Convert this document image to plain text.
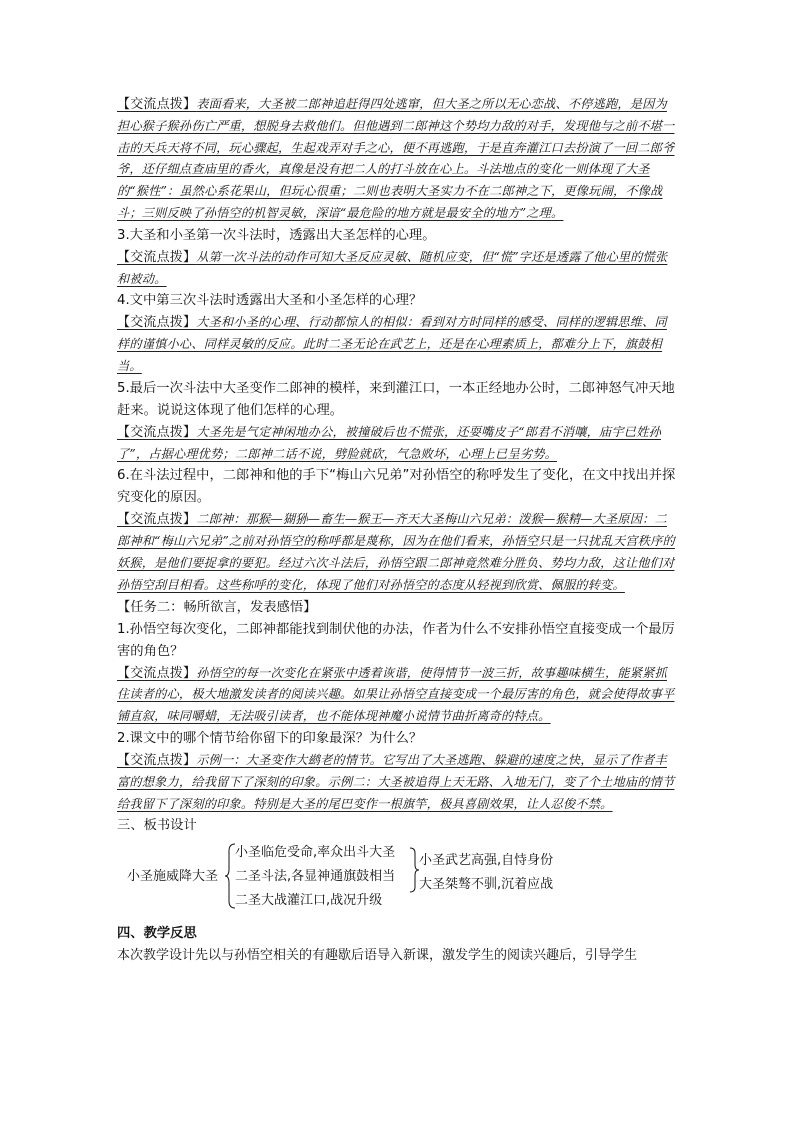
【交流点拨】表面看来，大圣被二郎神追赶得四处逃窜，但大圣之所以无心恋战、不停逃跑，是因为担心猴子猴孙伤亡严重，想脱身去救他们。但他遇到二郎神这个势均力敌的对手，发现他与之前不堪一击的天兵天将不同，玩心骤起，生起戏弄对手之心，便不再逃跑，于是直奔灌江口去扮演了一回二郎爷爷，还仔细点查庙里的香火，真像是没有把二人的打斗放在心上。斗法地点的变化一则体现了大圣的“猴性”：虽然心系花果山，但玩心很重；二则也表明大圣实力不在二郎神之下，更像玩闹，不像战斗；三则反映了孙悟空的机智灵敏，深谙“最危险的地方就是最安全的地方”之理。

3.大圣和小圣第一次斗法时，透露出大圣怎样的心理。

【交流点拨】从第一次斗法的动作可知大圣反应灵敏、随机应变，但“慌”字还是透露了他心里的慌张和被动。

4.文中第三次斗法时透露出大圣和小圣怎样的心理？

【交流点拨】大圣和小圣的心理、行动都惊人的相似：看到对方时同样的感受、同样的逻辑思维、同样的谨慎小心、同样灵敏的反应。此时二圣无论在武艺上，还是在心理素质上，都难分上下，旗鼓相当。

5.最后一次斗法中大圣变作二郎神的模样，来到灌江口，一本正经地办公时，二郎神怒气冲天地赶来。说说这体现了他们怎样的心理。

【交流点拨】大圣先是气定神闲地办公，被撞破后也不慌张，还耍嘴皮子“郎君不消嚷，庙宇已姓孙了”，占据心理优势；二郎神二话不说，劈脸就砍，气急败坏，心理上已呈劣势。

6.在斗法过程中，二郎神和他的手下“梅山六兄弟”对孙悟空的称呼发生了变化，在文中找出并探究变化的原因。

【交流点拨】二郎神：那猴—猢狲—畜生—猴王—齐天大圣梅山六兄弟：泼猴—猴精—大圣原因：二郎神和“梅山六兄弟”之前对孙悟空的称呼都是蔑称，因为在他们看来，孙悟空只是一只扰乱天宫秩序的妖猴，是他们要捉拿的要犯。经过六次斗法后，孙悟空跟二郎神竟然难分胜负、势均力敌，这让他们对孙悟空刮目相看。这些称呼的变化，体现了他们对孙悟空的态度从轻视到欣赏、佩服的转变。

【任务二：畅所欲言，发表感悟】

1.孙悟空每次变化，二郎神都能找到制伏他的办法，作者为什么不安排孙悟空直接变成一个最厉害的角色？

【交流点拨】孙悟空的每一次变化在紧张中透着诙谐，使得情节一波三折，故事趣味横生，能紧紧抓住读者的心，极大地激发读者的阅读兴趣。如果让孙悟空直接变成一个最厉害的角色，就会使得故事平铺直叙，味同嚼蜡，无法吸引读者，也不能体现神魔小说情节曲折离奇的特点。

2.课文中的哪个情节给你留下的印象最深？为什么？

【交流点拨】示例一：大圣变作大鹚老的情节。它写出了大圣逃跑、躲避的速度之快，显示了作者丰富的想象力，给我留下了深刻的印象。示例二：大圣被追得上天无路、入地无门，变了个土地庙的情节给我留下了深刻的印象。特别是大圣的尾巴变作一根旗竿，极具喜剧效果，让人忍俊不禁。

三、板书设计

小圣施威降大圣
小圣临危受命,率众出斗大圣
二圣斗法,各显神通旗鼓相当
二圣大战灌江口,战况升级
小圣武艺高强,自恃身份
大圣桀骜不驯,沉着应战

四、教学反思

本次教学设计先以与孙悟空相关的有趣歇后语导入新课，激发学生的阅读兴趣后，引导学生
